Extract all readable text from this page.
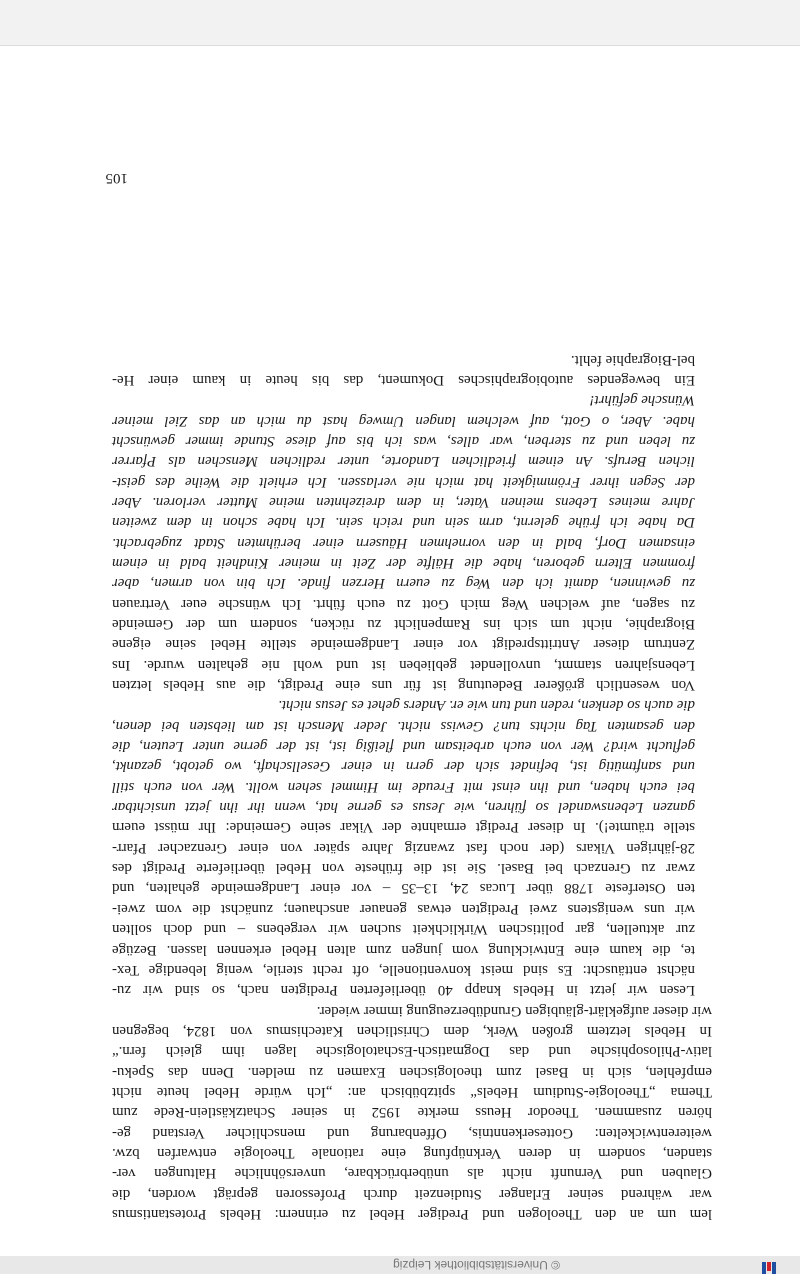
© Universitätsbibliothek Leipzig

lem um an den Theologen und Prediger Hebel zu erinnern: Hebels Protestantismus
war während seiner Erlanger Studienzeit durch Professoren geprägt worden, die
Glauben und Vernunft nicht als unüberbrückbare, unversöhnliche Haltungen ver-
standen, sondern in deren Verknüpfung eine rationale Theologie entwarfen bzw.
weiterentwickelten: Gotteserkenntnis, Offenbarung und menschlicher Verstand ge-
hören zusammen. Theodor Heuss merkte 1952 in seiner Schatzkästlein-Rede zum
Thema „Theologie-Studium Hebels“ spitzbübisch an: „Ich würde Hebel heute nicht
empfehlen, sich in Basel zum theologischen Examen zu melden. Denn das Speku-
lativ-Philosophische und das Dogmatisch-Eschatologische lagen ihm gleich fern.“
In Hebels letztem großen Werk, dem Christlichen Katechismus von 1824, begegnen
wir dieser aufgeklärt-gläubigen Grundüberzeugung immer wieder.

Lesen wir jetzt in Hebels knapp 40 überlieferten Predigten nach, so sind wir zu-
nächst enttäuscht: Es sind meist konventionelle, oft recht sterile, wenig lebendige Tex-
te, die kaum eine Entwicklung vom jungen zum alten Hebel erkennen lassen. Bezüge
zur aktuellen, gar politischen Wirklichkeit suchen wir vergebens – und doch sollten
wir uns wenigstens zwei Predigten etwas genauer anschauen; zunächst die vom zwei-
ten Osterfeste 1788 über Lucas 24, 13–35 – vor einer Landgemeinde gehalten, und
zwar zu Grenzach bei Basel. Sie ist die früheste von Hebel überlieferte Predigt des
28-jährigen Vikars (der noch fast zwanzig Jahre später von einer Grenzacher Pfarr-
stelle träumte!). In dieser Predigt ermahnte der Vikar seine Gemeinde: Ihr müsst euern
ganzen Lebenswandel so führen, wie Jesus es gerne hat, wenn ihr ihn jetzt unsichtbar
bei euch haben, und ihn einst mit Freude im Himmel sehen wollt. Wer von euch still
und sanftmütig ist, befindet sich der gern in einer Gesellschaft, wo getobt, gezankt,
geflucht wird? Wer von euch arbeitsam und fleißig ist, ist der gerne unter Leuten, die
den gesamten Tag nichts tun? Gewiss nicht. Jeder Mensch ist am liebsten bei denen,
die auch so denken, reden und tun wie er. Anders gehet es Jesus nicht.

Von wesentlich größerer Bedeutung ist für uns eine Predigt, die aus Hebels letzten
Lebensjahren stammt, unvollendet geblieben ist und wohl nie gehalten wurde. Ins
Zentrum dieser Antrittspredigt vor einer Landgemeinde stellte Hebel seine eigene
Biographie, nicht um sich ins Rampenlicht zu rücken, sondern um der Gemeinde
zu sagen, auf welchen Weg mich Gott zu euch führt. Ich wünsche euer Vertrauen
zu gewinnen, damit ich den Weg zu euern Herzen finde. Ich bin von armen, aber
frommen Eltern geboren, habe die Hälfte der Zeit in meiner Kindheit bald in einem
einsamen Dorf, bald in den vornehmen Häusern einer berühmten Stadt zugebracht.
Da habe ich frühe gelernt, arm sein und reich sein. Ich habe schon in dem zweiten
Jahre meines Lebens meinen Vater, in dem dreizehnten meine Mutter verloren. Aber
der Segen ihrer Frömmigkeit hat mich nie verlassen. Ich erhielt die Weihe des geist-
lichen Berufs. An einem friedlichen Landorte, unter redlichen Menschen als Pfarrer
zu leben und zu sterben, war alles, was ich bis auf diese Stunde immer gewünscht
habe. Aber, o Gott, auf welchem langen Umweg hast du mich an das Ziel meiner
Wünsche geführt!

Ein bewegendes autobiographisches Dokument, das bis heute in kaum einer He-
bel-Biographie fehlt.

105
